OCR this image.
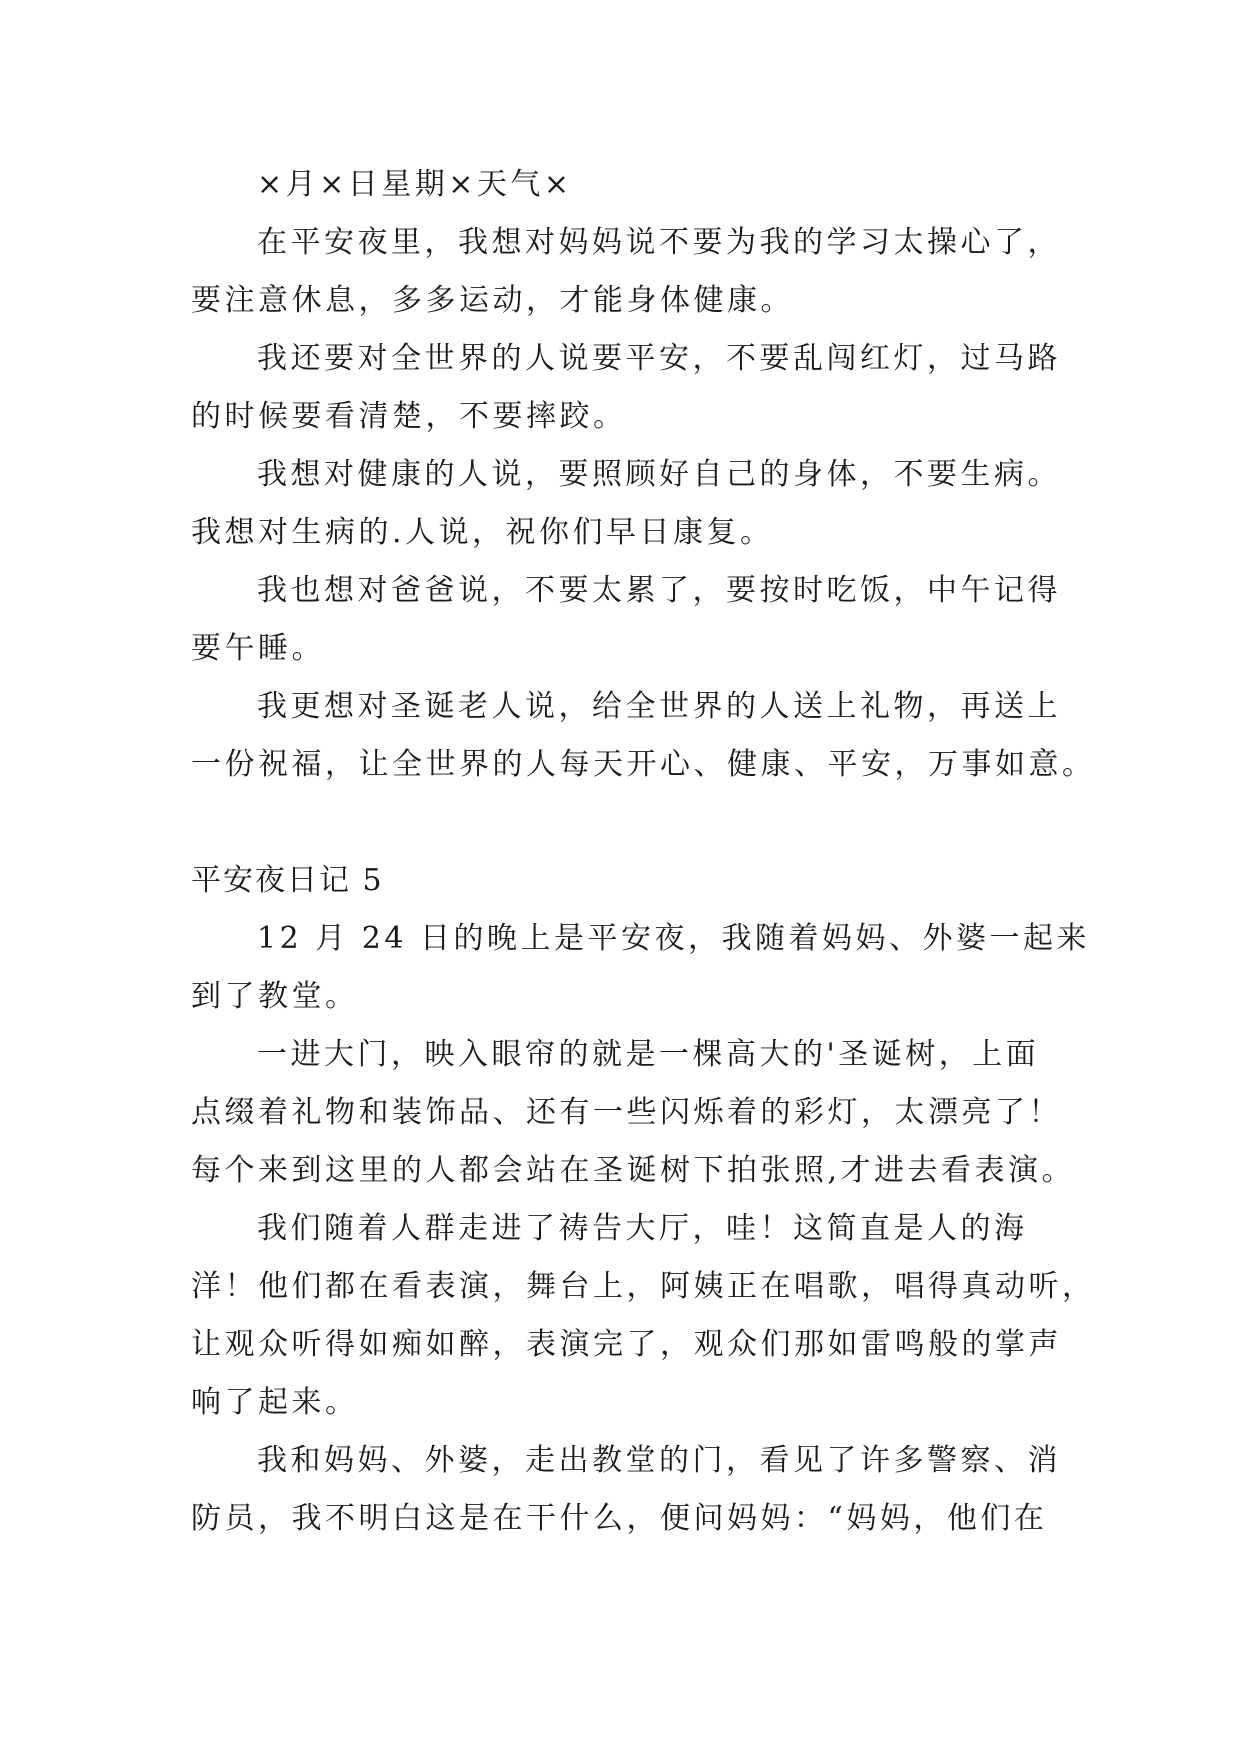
×月×日星期×天气×

在平安夜里，我想对妈妈说不要为我的学习太操心了，

要注意休息，多多运动，才能身体健康。

我还要对全世界的人说要平安，不要乱闯红灯，过马路

的时候要看清楚，不要摔跤。

我想对健康的人说，要照顾好自己的身体，不要生病。

我想对生病的.人说，祝你们早日康复。

我也想对爸爸说，不要太累了，要按时吃饭，中午记得

要午睡。

我更想对圣诞老人说，给全世界的人送上礼物，再送上

一份祝福，让全世界的人每天开心、健康、平安，万事如意。

平安夜日记 5

12 月 24 日的晚上是平安夜，我随着妈妈、外婆一起来

到了教堂。

一进大门，映入眼帘的就是一棵高大的'圣诞树，上面

点缀着礼物和装饰品、还有一些闪烁着的彩灯，太漂亮了！

每个来到这里的人都会站在圣诞树下拍张照,才进去看表演。

我们随着人群走进了祷告大厅，哇！这简直是人的海

洋！他们都在看表演，舞台上，阿姨正在唱歌，唱得真动听，

让观众听得如痴如醉，表演完了，观众们那如雷鸣般的掌声

响了起来。

我和妈妈、外婆，走出教堂的门，看见了许多警察、消

防员，我不明白这是在干什么，便问妈妈：“妈妈，他们在
